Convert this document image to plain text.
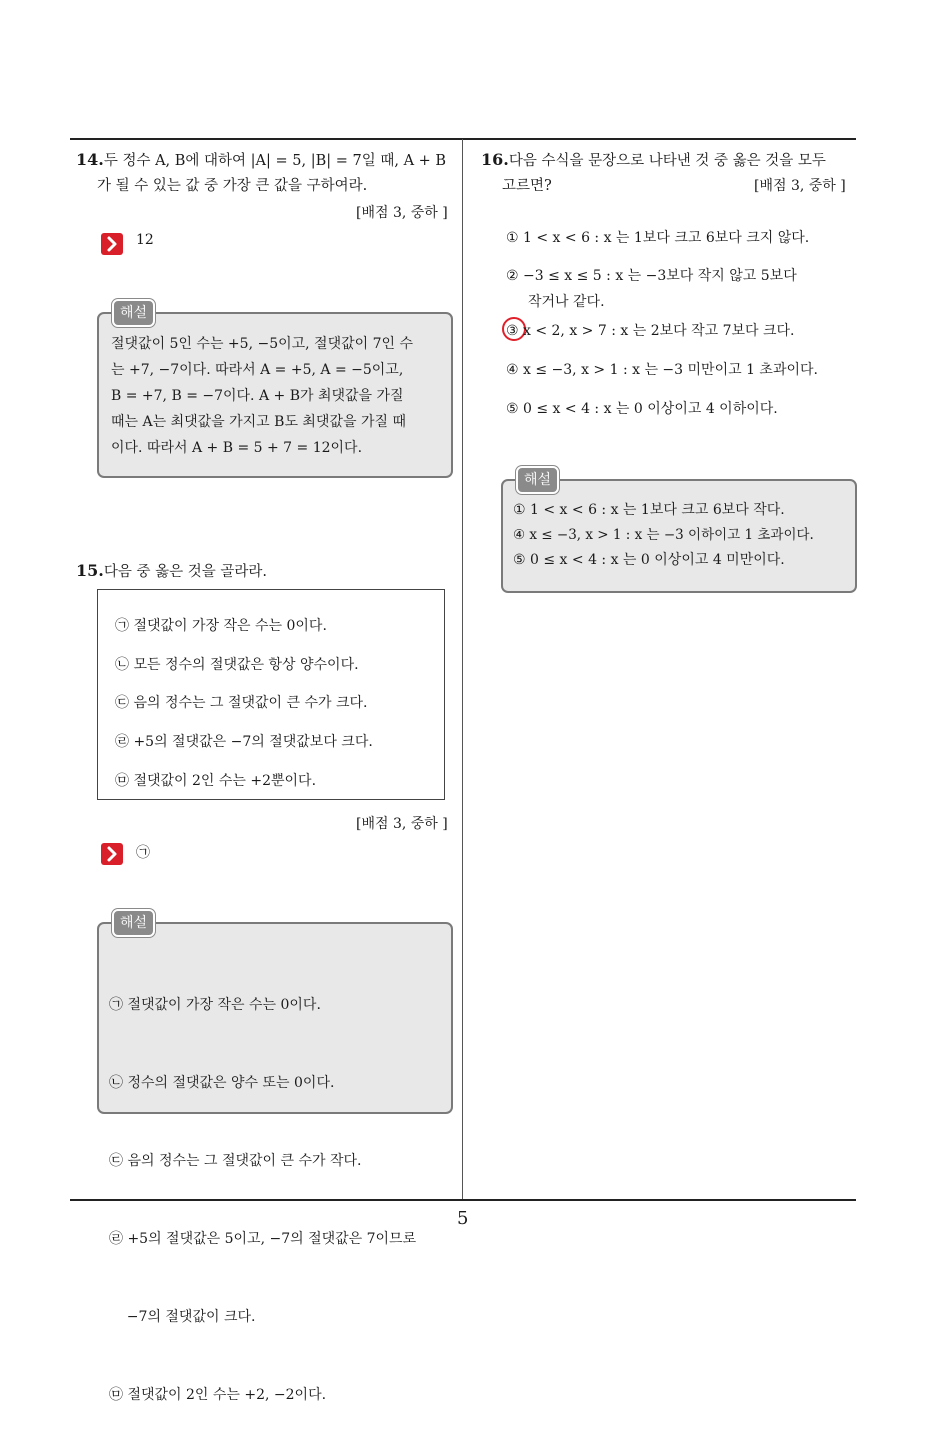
14.두 정수 A, B에 대하여 |A| = 5, |B| = 7일 때, A + B
가 될 수 있는 값 중 가장 큰 값을 구하여라.
[배점 3, 중하 ]
12
해설
절댓값이 5인 수는 +5, −5이고, 절댓값이 7인 수
는 +7, −7이다. 따라서 A = +5, A = −5이고,
B = +7, B = −7이다. A + B가 최댓값을 가질
때는 A는 최댓값을 가지고 B도 최댓값을 가질 때
이다. 따라서 A + B = 5 + 7 = 12이다.
15.다음 중 옳은 것을 골라라.
㉠ 절댓값이 가장 작은 수는 0이다.
㉡ 모든 정수의 절댓값은 항상 양수이다.
㉢ 음의 정수는 그 절댓값이 큰 수가 크다.
㉣ +5의 절댓값은 −7의 절댓값보다 크다.
㉤ 절댓값이 2인 수는 +2뿐이다.
[배점 3, 중하 ]
㉠
해설

㉠ 절댓값이 가장 작은 수는 0이다.

㉡ 정수의 절댓값은 양수 또는 0이다.

㉢ 음의 정수는 그 절댓값이 큰 수가 작다.

㉣ +5의 절댓값은 5이고, −7의 절댓값은 7이므로

−7의 절댓값이 크다.

㉤ 절댓값이 2인 수는 +2, −2이다.

16.다음 수식을 문장으로 나타낸 것 중 옳은 것을 모두
고르면?	[배점 3, 중하 ]
① 1 < x < 6 : x 는 1보다 크고 6보다 크지 않다.
② −3 ≤ x ≤ 5 : x 는 −3보다 작지 않고 5보다
작거나 같다.
③ x < 2, x > 7 : x 는 2보다 작고 7보다 크다.
④ x ≤ −3, x > 1 : x 는 −3 미만이고 1 초과이다.
⑤ 0 ≤ x < 4 : x 는 0 이상이고 4 이하이다.
해설
① 1 < x < 6 : x 는 1보다 크고 6보다 작다.
④ x ≤ −3, x > 1 : x 는 −3 이하이고 1 초과이다.
⑤ 0 ≤ x < 4 : x 는 0 이상이고 4 미만이다.
5
